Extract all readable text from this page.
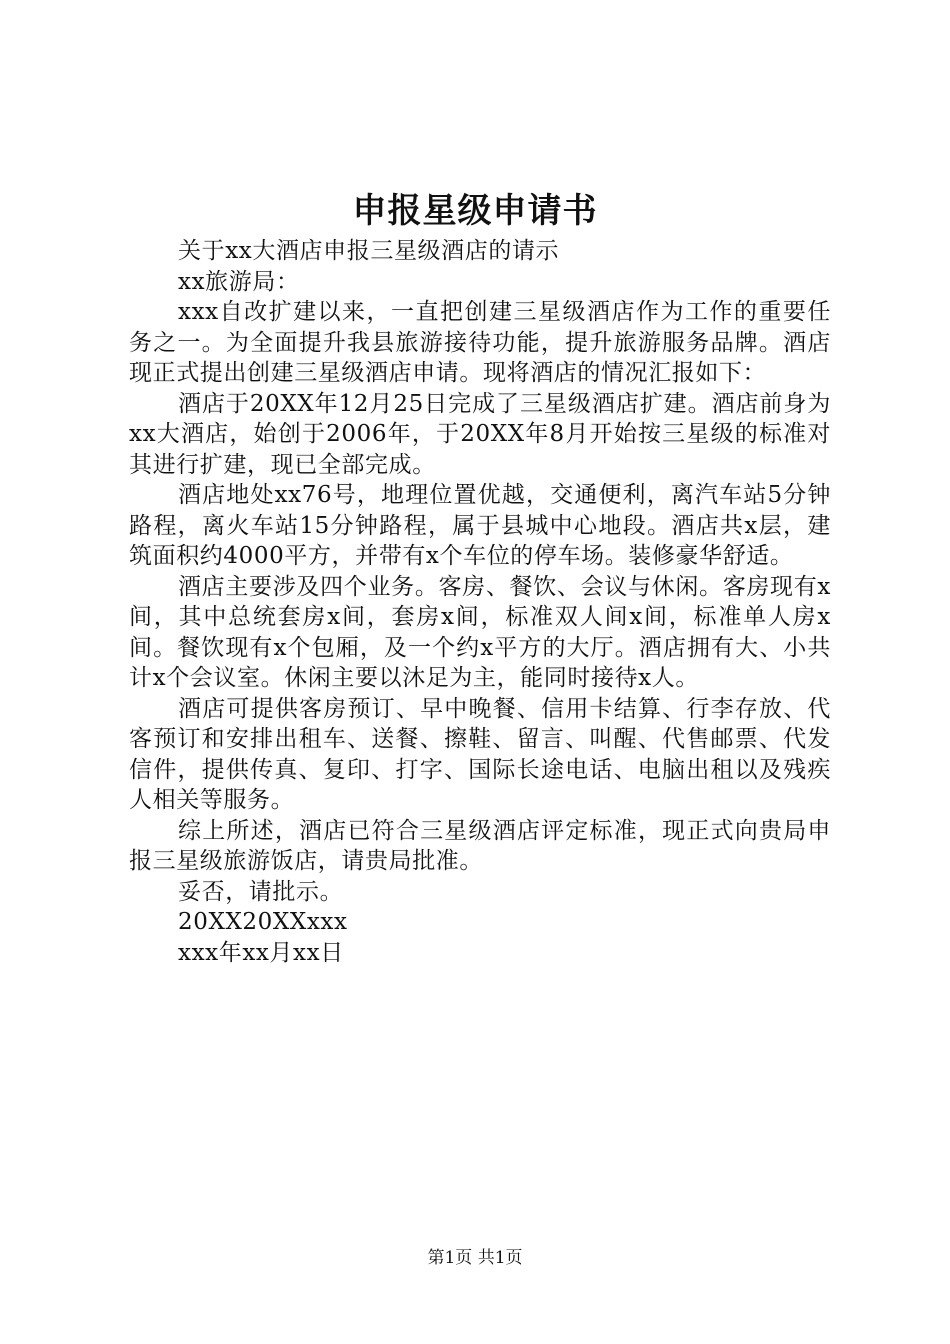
申报星级申请书

关于xx大酒店申报三星级酒店的请示

xx旅游局：

xxx自改扩建以来，一直把创建三星级酒店作为工作的重要任务之一。为全面提升我县旅游接待功能，提升旅游服务品牌。酒店现正式提出创建三星级酒店申请。现将酒店的情况汇报如下：

酒店于20XX年12月25日完成了三星级酒店扩建。酒店前身为xx大酒店，始创于2006年，于20XX年8月开始按三星级的标准对其进行扩建，现已全部完成。

酒店地处xx76号，地理位置优越，交通便利，离汽车站5分钟路程，离火车站15分钟路程，属于县城中心地段。酒店共x层，建筑面积约4000平方，并带有x个车位的停车场。装修豪华舒适。

酒店主要涉及四个业务。客房、餐饮、会议与休闲。客房现有x间，其中总统套房x间，套房x间，标准双人间x间，标准单人房x间。餐饮现有x个包厢，及一个约x平方的大厅。酒店拥有大、小共计x个会议室。休闲主要以沐足为主，能同时接待x人。

酒店可提供客房预订、早中晚餐、信用卡结算、行李存放、代客预订和安排出租车、送餐、擦鞋、留言、叫醒、代售邮票、代发信件，提供传真、复印、打字、国际长途电话、电脑出租以及残疾人相关等服务。

综上所述，酒店已符合三星级酒店评定标准，现正式向贵局申报三星级旅游饭店，请贵局批准。

妥否，请批示。

20XX20XXxxx

xxx年xx月xx日

第1页 共1页
